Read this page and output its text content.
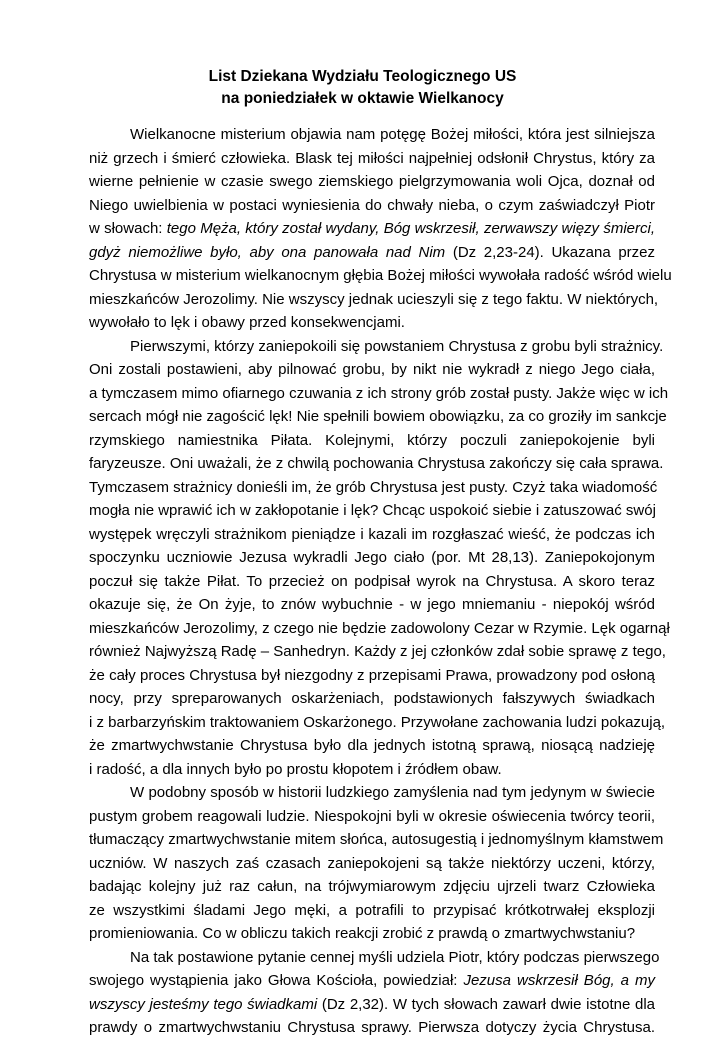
List Dziekana Wydziału Teologicznego US
na poniedziałek w oktawie Wielkanocy
Wielkanocne misterium objawia nam potęgę Bożej miłości, która jest silniejsza
niż grzech i śmierć człowieka. Blask tej miłości najpełniej odsłonił Chrystus, który za
wierne pełnienie w czasie swego ziemskiego pielgrzymowania woli Ojca, doznał od
Niego uwielbienia w postaci wyniesienia do chwały nieba, o czym zaświadczył Piotr
w słowach: tego Męża, który został wydany, Bóg wskrzesił, zerwawszy więzy śmierci,
gdyż niemożliwe było, aby ona panowała nad Nim (Dz 2,23-24). Ukazana przez
Chrystusa w misterium wielkanocnym głębia Bożej miłości wywołała radość wśród wielu
mieszkańców Jerozolimy. Nie wszyscy jednak ucieszyli się z tego faktu. W niektórych,
wywołało to lęk i obawy przed konsekwencjami.
Pierwszymi, którzy zaniepokoili się powstaniem Chrystusa z grobu byli strażnicy.
Oni zostali postawieni, aby pilnować grobu, by nikt nie wykradł z niego Jego ciała,
a tymczasem mimo ofiarnego czuwania z ich strony grób został pusty. Jakże więc w ich
sercach mógł nie zagościć lęk! Nie spełnili bowiem obowiązku, za co groziły im sankcje
rzymskiego namiestnika Piłata. Kolejnymi, którzy poczuli zaniepokojenie byli
faryzeusze. Oni uważali, że z chwilą pochowania Chrystusa zakończy się cała sprawa.
Tymczasem strażnicy donieśli im, że grób Chrystusa jest pusty. Czyż taka wiadomość
mogła nie wprawić ich w zakłopotanie i lęk? Chcąc uspokoić siebie i zatuszować swój
występek wręczyli strażnikom pieniądze i kazali im rozgłaszać wieść, że podczas ich
spoczynku uczniowie Jezusa wykradli Jego ciało (por. Mt 28,13). Zaniepokojonym
poczuł się także Piłat. To przecież on podpisał wyrok na Chrystusa. A skoro teraz
okazuje się, że On żyje, to znów wybuchnie - w jego mniemaniu - niepokój wśród
mieszkańców Jerozolimy, z czego nie będzie zadowolony Cezar w Rzymie. Lęk ogarnął
również Najwyższą Radę – Sanhedryn. Każdy z jej członków zdał sobie sprawę z tego,
że cały proces Chrystusa był niezgodny z przepisami Prawa, prowadzony pod osłoną
nocy, przy spreparowanych oskarżeniach, podstawionych fałszywych świadkach
i z barbarzyńskim traktowaniem Oskarżonego. Przywołane zachowania ludzi pokazują,
że zmartwychwstanie Chrystusa było dla jednych istotną sprawą, niosącą nadzieję
i radość, a dla innych było po prostu kłopotem i źródłem obaw.
W podobny sposób w historii ludzkiego zamyślenia nad tym jedynym w świecie
pustym grobem reagowali ludzie. Niespokojni byli w okresie oświecenia twórcy teorii,
tłumaczący zmartwychwstanie mitem słońca, autosugestią i jednomyślnym kłamstwem
uczniów. W naszych zaś czasach zaniepokojeni są także niektórzy uczeni, którzy,
badając kolejny już raz całun, na trójwymiarowym zdjęciu ujrzeli twarz Człowieka
ze wszystkimi śladami Jego męki, a potrafili to przypisać krótkotrwałej eksplozji
promieniowania. Co w obliczu takich reakcji zrobić z prawdą o zmartwychwstaniu?
Na tak postawione pytanie cennej myśli udziela Piotr, który podczas pierwszego
swojego wystąpienia jako Głowa Kościoła, powiedział: Jezusa wskrzesił Bóg, a my
wszyscy jesteśmy tego świadkami (Dz 2,32). W tych słowach zawarł dwie istotne dla
prawdy o zmartwychwstaniu Chrystusa sprawy. Pierwsza dotyczy życia Chrystusa.
